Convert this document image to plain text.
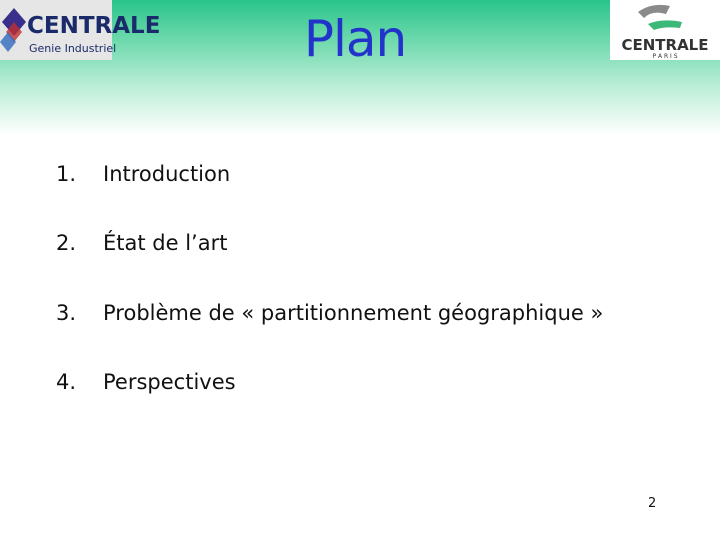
CENTRALE
Genie Industriel	CENTRALE
P A R I S
Plan
1. Introduction
2. État de l’art
3. Problème de « partitionnement géographique »
4. Perspectives
2
